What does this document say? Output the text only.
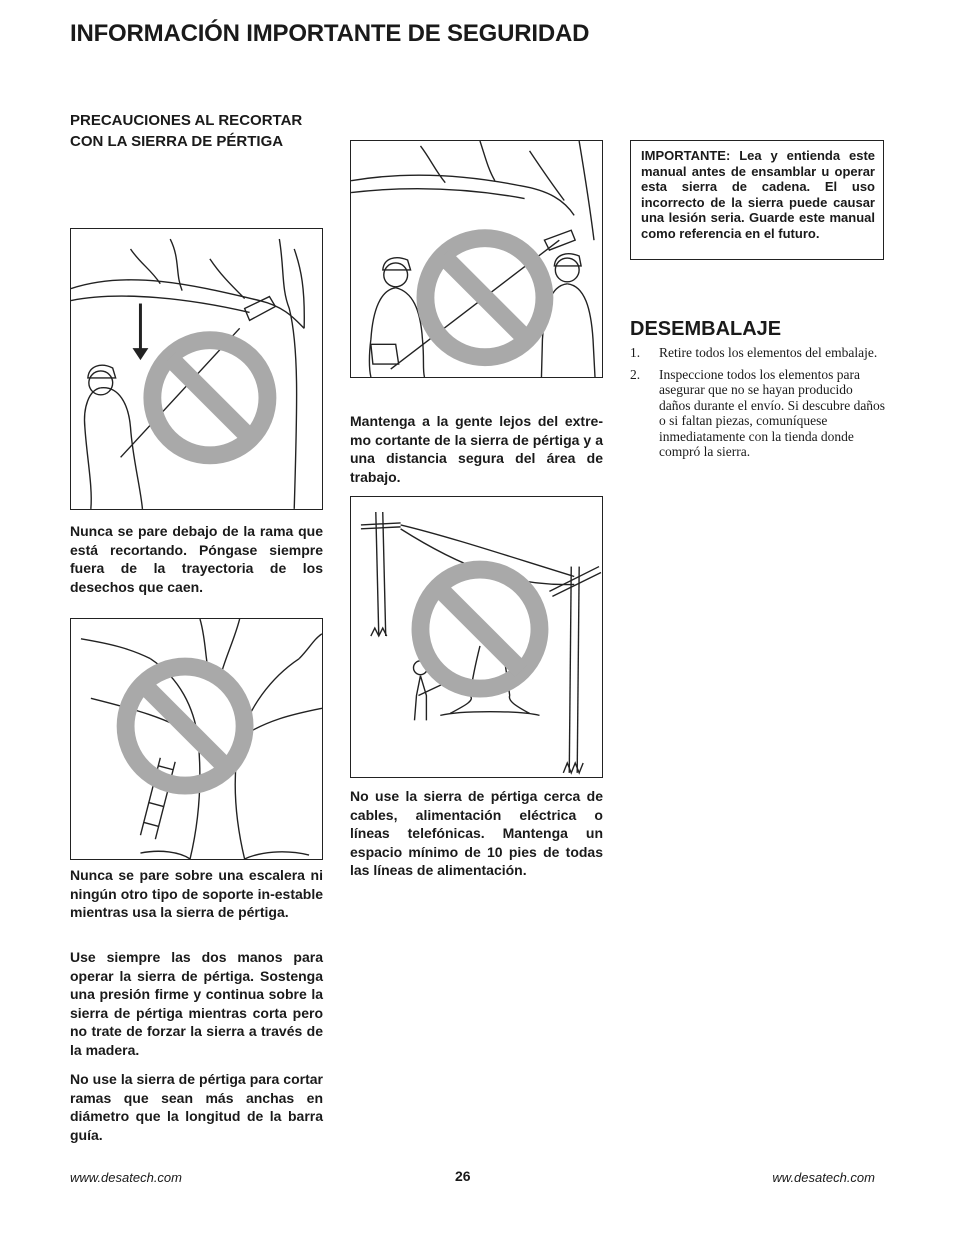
INFORMACIÓN IMPORTANTE DE SEGURIDAD
PRECAUCIONES AL RECORTAR CON LA SIERRA DE PÉRTIGA
Nunca se pare debajo de la rama que está recortando. Póngase siempre fuera de la trayectoria de los desechos que caen.
Nunca se pare sobre una escalera ni ningún otro tipo de soporte in-estable mientras usa la sierra de pértiga.
Use siempre las dos manos para operar la sierra de pértiga. Sostenga una presión firme y continua sobre la sierra de pértiga mientras corta pero no trate de forzar la sierra a través de la madera.
No use la sierra de pértiga para cortar ramas que sean más anchas en diámetro que la longitud de la barra guía.
Mantenga a la gente lejos del extre-mo cortante de la sierra de pértiga y a una distancia segura del área de trabajo.
No use la sierra de pértiga cerca de cables, alimentación eléctrica o líneas telefónicas. Mantenga un espacio mínimo de 10 pies de todas las líneas de alimentación.
IMPORTANTE: Lea y entienda este manual antes de ensamblar u operar esta sierra de cadena. El uso incorrecto de la sierra puede causar una lesión seria. Guarde este manual como referencia en el futuro.
DESEMBALAJE
1.	Retire todos los elementos del embalaje.
2.	Inspeccione todos los elementos para asegurar que no se hayan producido daños durante el envío. Si descubre daños o si faltan piezas, comuníquese inmediatamente con la tienda donde compró la sierra.
www.desatech.com	26	ww.desatech.com
